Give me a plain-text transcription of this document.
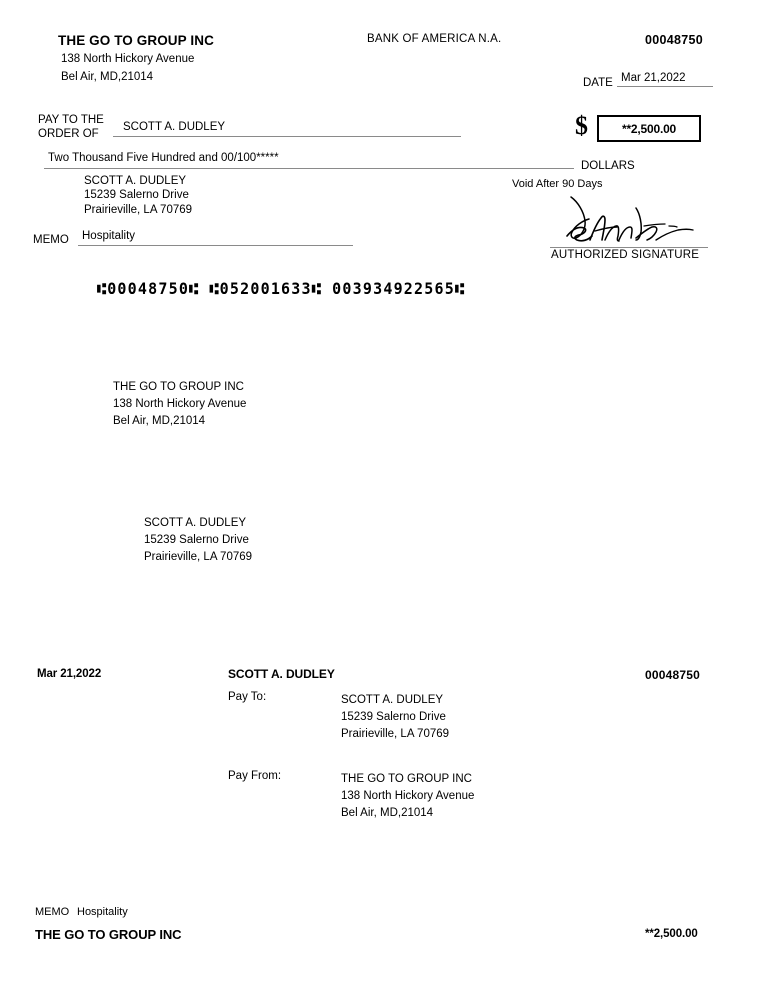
THE GO TO GROUP INC
138 North Hickory Avenue
Bel Air, MD,21014
BANK OF AMERICA N.A.	00048750
DATE Mar 21,2022
PAY TO THE
ORDER OF
SCOTT A. DUDLEY	$	**2,500.00
Two Thousand Five Hundred and 00/100*****
DOLLARS
Void After 90 Days
SCOTT A. DUDLEY
15239 Salerno Drive
Prairieville, LA 70769
MEMO	Hospitality
AUTHORIZED SIGNATURE
⑆00048750⑆ ⑆052001633⑆ 003934922565⑆
THE GO TO GROUP INC
138 North Hickory Avenue
Bel Air, MD,21014
SCOTT A. DUDLEY
15239 Salerno Drive
Prairieville, LA 70769
Mar 21,2022	SCOTT A. DUDLEY	00048750
Pay To:	SCOTT A. DUDLEY
15239 Salerno Drive
Prairieville, LA 70769
Pay From:	THE GO TO GROUP INC
138 North Hickory Avenue
Bel Air, MD,21014
MEMO Hospitality
THE GO TO GROUP INC	**2,500.00
